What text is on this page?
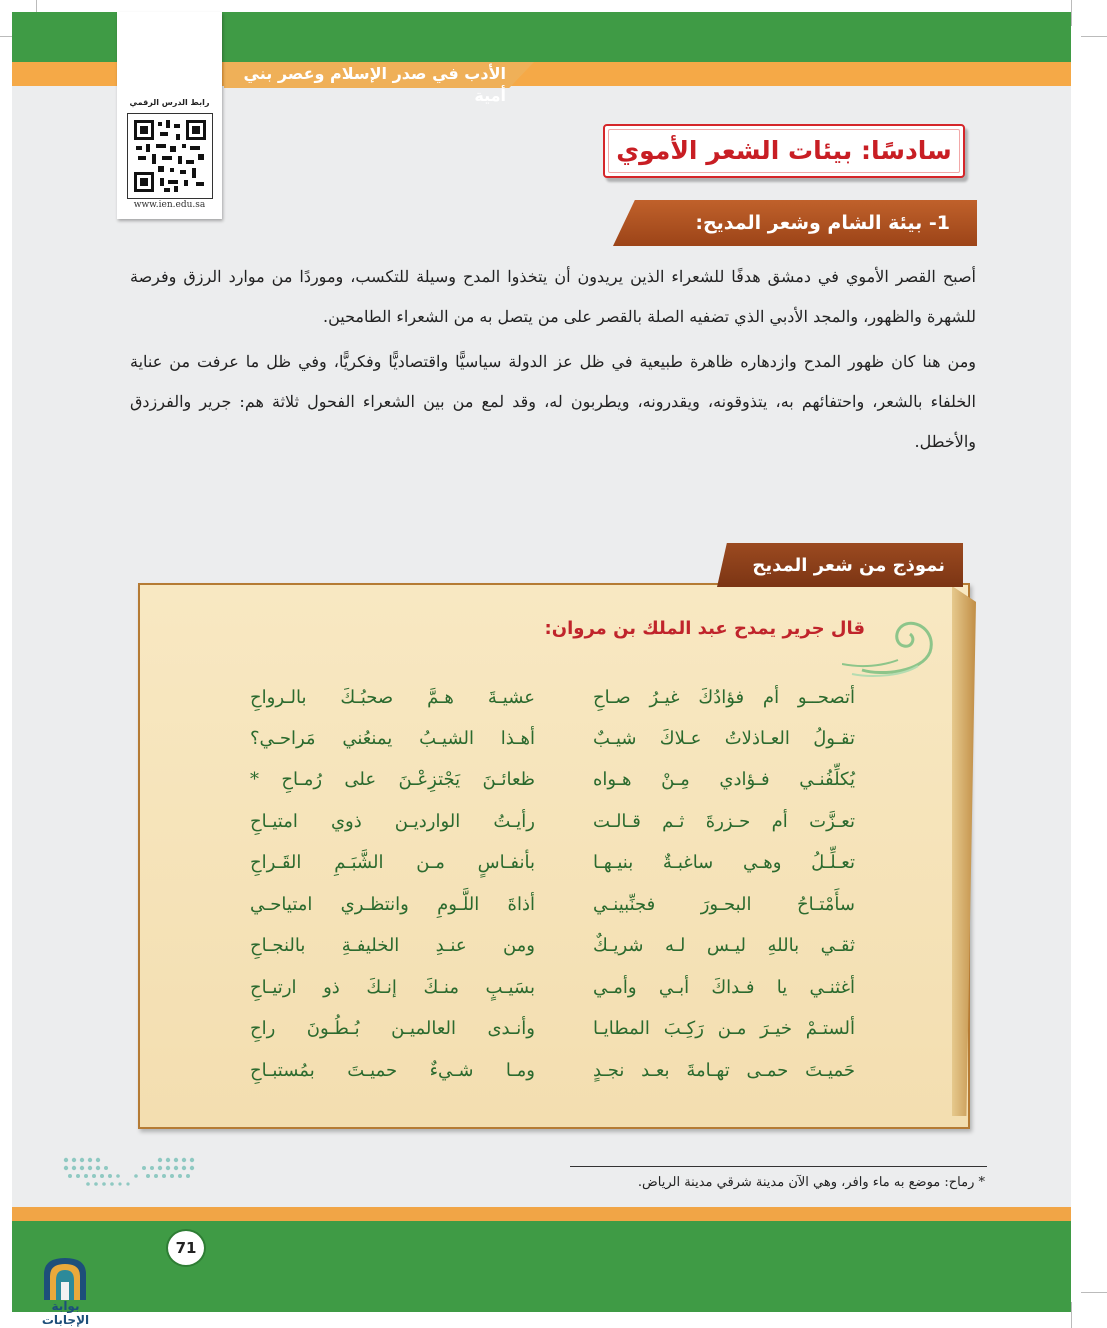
الأدب في صدر الإسلام وعصر بني أمية
رابط الدرس الرقمي
www.ien.edu.sa
سادسًا: بيئات الشعر الأموي
1- بيئة الشام وشعر المديح:
أصبح القصر الأموي في دمشق هدفًا للشعراء الذين يريدون أن يتخذوا المدح وسيلة للتكسب، وموردًا من موارد الرزق وفرصة للشهرة والظهور، والمجد الأدبي الذي تضفيه الصلة بالقصر على من يتصل به من الشعراء الطامحين.
ومن هنا كان ظهور المدح وازدهاره ظاهرة طبيعية في ظل عز الدولة سياسيًّا واقتصاديًّا وفكريًّا، وفي ظل ما عرفت من عناية الخلفاء بالشعر، واحتفائهم به، يتذوقونه، ويقدرونه، ويطربون له، وقد لمع من بين الشعراء الفحول ثلاثة هم: جرير والفرزدق والأخطل.
نموذج من شعر المديح
قال جرير يمدح عبد الملك بن مروان:
أتصحــو أم فؤادُكَ غيـرُ صـاحِ
عشيـةَ هـمَّ صحبُـكَ بالـرواحِ
تقـولُ العـاذلاتُ عـلاكَ شيـبٌ
أهـذا الشيـبُ يمنعُني مَراحـي؟
يُكلِّفُنـي فـؤادي مِـنْ هـواه
ظعائـنَ يَجْتزِعْـنَ على رُمـاحِ *
تعـزَّت أم حـزرةَ ثـم قـالـت
رأيـتُ الوارديـن ذوي امتيـاحِ
تعـلِّـلُ وهـي ساغبـةٌ بنيـهـا
بأنفـاسٍ مـن الشَّبَـمِ القَـراحِ
سأَمْتـاحُ البحـورَ فجنِّبينـي
أذاةَ اللَّـومِ وانتظـري امتياحـي
ثقـي باللهِ ليـس لـه شريـكٌ
ومن عنـدِ الخليفـةِ بالنجـاحِ
أغثنـي يا فـداكَ أبـي وأمـي
بسَيـبٍ منـكَ إنـكَ ذو ارتيـاحِ
ألستـمْ خيـرَ مـن رَكِـبَ المطايـا
وأنـدى العالميـن بُـطُـونَ راحِ
حَميـتَ حمـى تهـامةَ بعـد نجـدٍ
ومـا شـيءٌ حميـتَ بمُستبـاحِ
* رماح: موضع به ماء وافر، وهي الآن مدينة شرقي مدينة الرياض.
71
بوابة الإجابات
